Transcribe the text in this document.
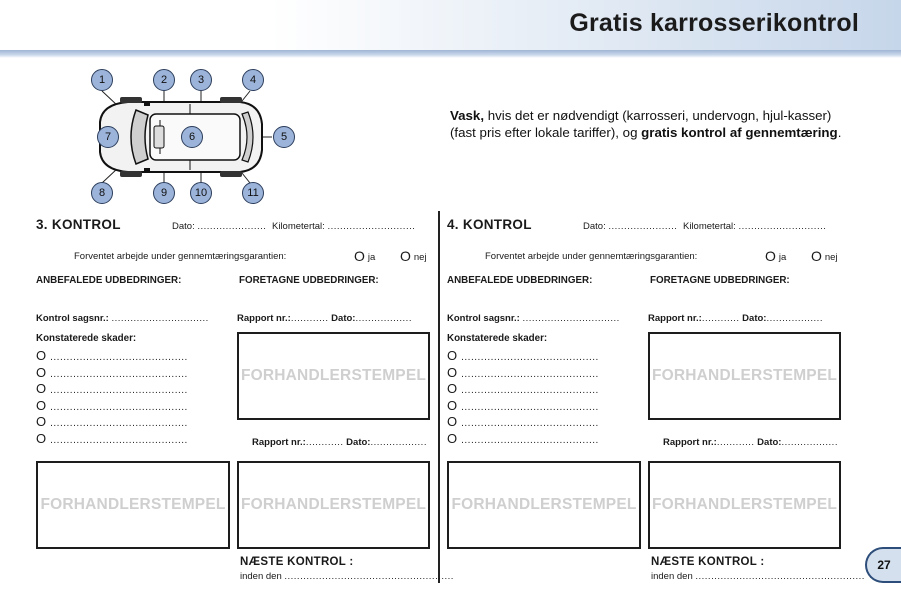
Gratis karrosserikontrol
1	2	3	4
5
6
7
8	9	10	11
Vask, hvis det er nødvendigt (karrosseri, undervogn, hjul-kasser) (fast pris efter lokale tariffer), og gratis kontrol af gennemtæring.
3. KONTROL	Dato: ...................... Kilometertal: ............................
Forventet arbejde under gennemtæringsgarantien:	O ja O nej
ANBEFALEDE UDBEDRINGER:	FORETAGNE UDBEDRINGER:
Kontrol sagsnr.: ...............................	Rapport nr.:............ Dato:..................
Konstaterede skader:
O ..........................................
O ..........................................
O ..........................................
O ..........................................
O ..........................................
O ..........................................
FORHANDLERSTEMPEL
Rapport nr.:............ Dato:..................
FORHANDLERSTEMPEL FORHANDLERSTEMPEL
NÆSTE KONTROL :
inden den ......................................................
4. KONTROL	Dato: ...................... Kilometertal: ............................
Forventet arbejde under gennemtæringsgarantien:	O ja O nej
ANBEFALEDE UDBEDRINGER:	FORETAGNE UDBEDRINGER:
Kontrol sagsnr.: ...............................	Rapport nr.:............ Dato:..................
Konstaterede skader:
O ..........................................
O ..........................................
O ..........................................
O ..........................................
O ..........................................
O ..........................................
FORHANDLERSTEMPEL
Rapport nr.:............ Dato:..................
FORHANDLERSTEMPEL FORHANDLERSTEMPEL
NÆSTE KONTROL :
inden den ......................................................
27
